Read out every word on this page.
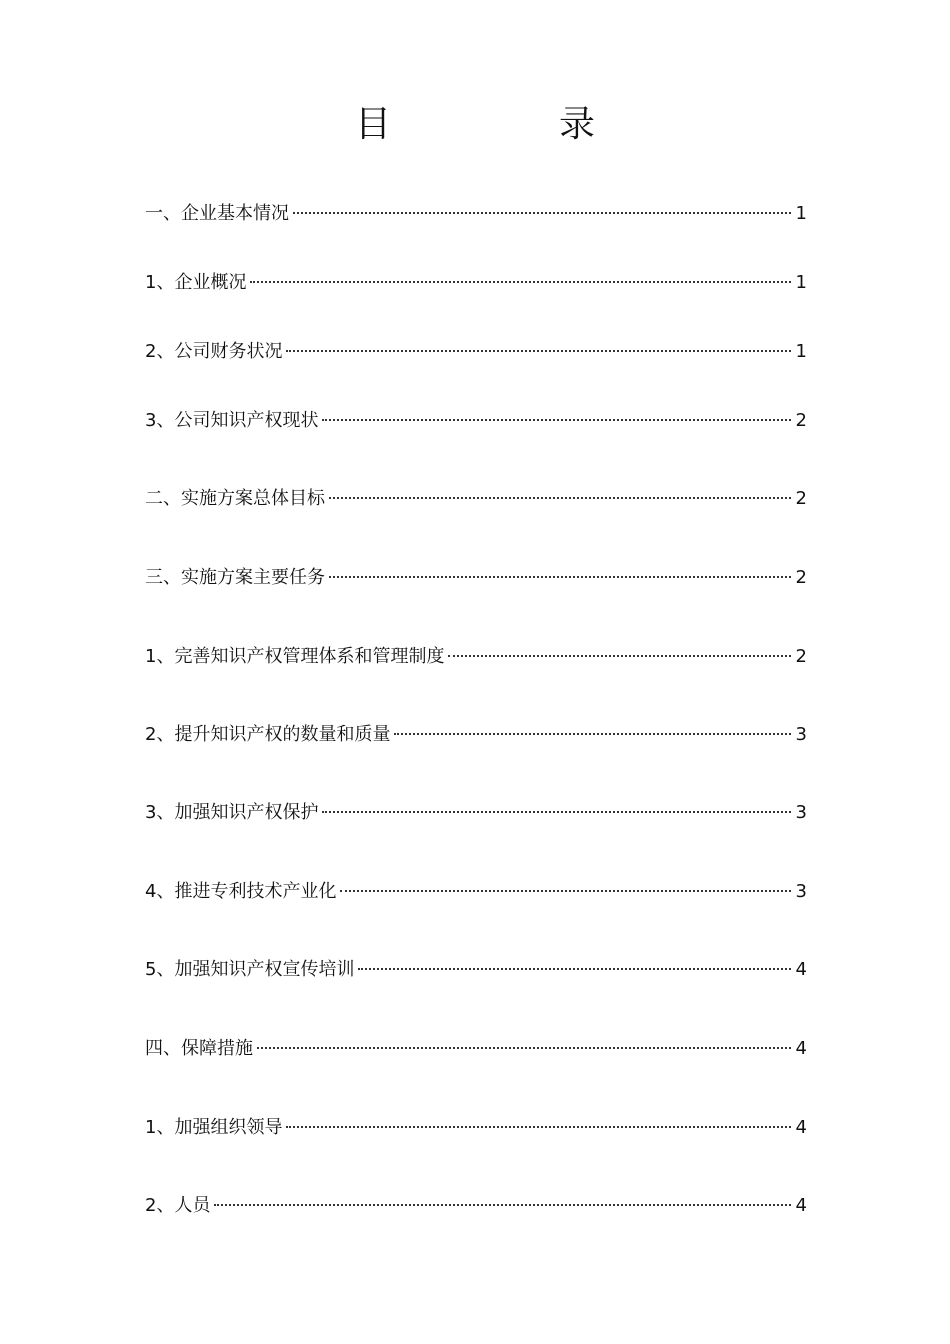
目　录
一、企业基本情况	1
1、企业概况	1
2、公司财务状况	1
3、公司知识产权现状	2
二、实施方案总体目标	2
三、实施方案主要任务	2
1、完善知识产权管理体系和管理制度	2
2、提升知识产权的数量和质量	3
3、加强知识产权保护	3
4、推进专利技术产业化	3
5、加强知识产权宣传培训	4
四、保障措施	4
1、加强组织领导	4
2、人员	4
